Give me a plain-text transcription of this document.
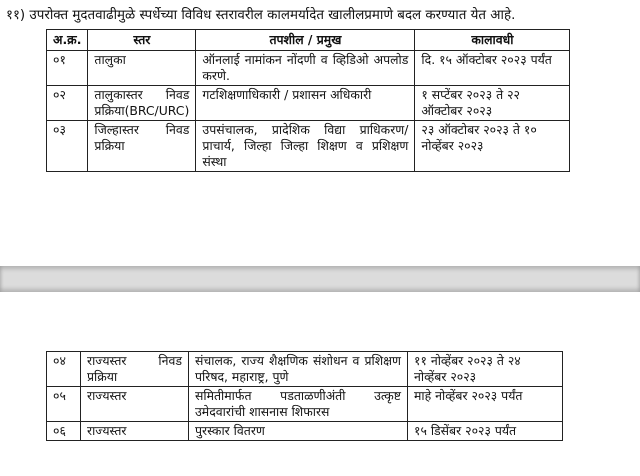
११) उपरोक्त मुदतवाढीमुळे स्पर्धेच्या विविध स्तरावरील कालमर्यादेत खालीलप्रमाणे बदल करण्यात येत आहे.
अ.क्र.	स्तर	तपशील / प्रमुख	कालावधी
०१	तालुका	ऑनलाई नामांकन नोंदणी व व्हिडिओ अपलोड करणे.	दि. १५ ऑक्टोबर २०२३ पर्यंत
०२	तालुकास्तर निवड प्रक्रिया(BRC/URC)	गटशिक्षणाधिकारी / प्रशासन अधिकारी	१ सप्टेंबर २०२३ ते २२ ऑक्टोबर २०२३
०३	जिल्हास्तर निवड प्रक्रिया	उपसंचालक, प्रादेशिक विद्या प्राधिकरण/प्राचार्य, जिल्हा जिल्हा शिक्षण व प्रशिक्षण संस्था	२३ ऑक्टोबर २०२३ ते १० नोव्हेंबर २०२३
०४	राज्यस्तर निवड प्रक्रिया	संचालक, राज्य शैक्षणिक संशोधन व प्रशिक्षण परिषद, महाराष्ट्र, पुणे	११ नोव्हेंबर २०२३ ते २४ नोव्हेंबर २०२३
०५	राज्यस्तर	समितीमार्फत पडताळणीअंती उत्कृष्ट उमेदवारांची शासनास शिफारस	माहे नोव्हेंबर २०२३ पर्यंत
०६	राज्यस्तर	पुरस्कार वितरण	१५ डिसेंबर २०२३ पर्यंत
